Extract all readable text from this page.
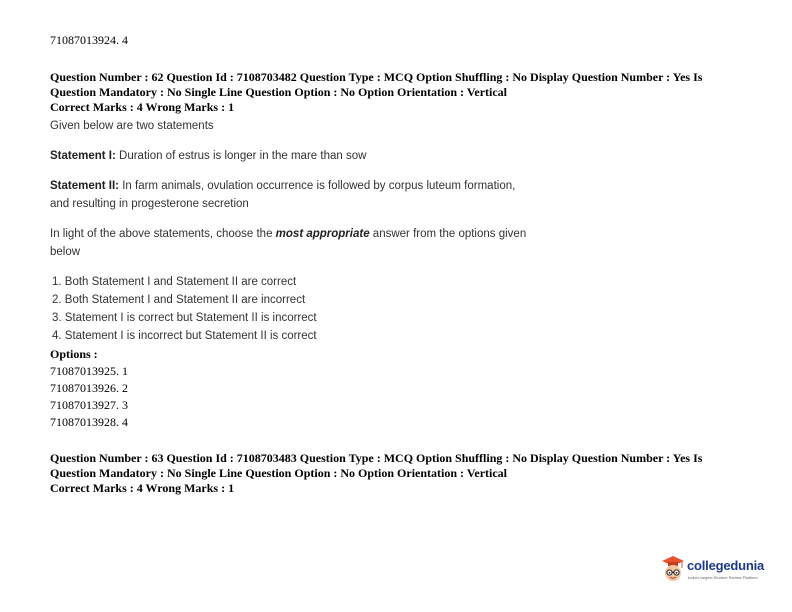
71087013924. 4
Question Number : 62 Question Id : 7108703482 Question Type : MCQ Option Shuffling : No Display Question Number : Yes Is
Question Mandatory : No Single Line Question Option : No Option Orientation : Vertical
Correct Marks : 4 Wrong Marks : 1
Given below are two statements
Statement I: Duration of estrus is longer in the mare than sow
Statement II: In farm animals, ovulation occurrence is followed by corpus luteum formation,
and resulting in progesterone secretion
In light of the above statements, choose the most appropriate answer from the options given
below
1. Both Statement I and Statement II are correct
2. Both Statement I and Statement II are incorrect
3. Statement I is correct but Statement II is incorrect
4. Statement I is incorrect but Statement II is correct
Options :
71087013925. 1
71087013926. 2
71087013927. 3
71087013928. 4
Question Number : 63 Question Id : 7108703483 Question Type : MCQ Option Shuffling : No Display Question Number : Yes Is
Question Mandatory : No Single Line Question Option : No Option Orientation : Vertical
Correct Marks : 4 Wrong Marks : 1
collegedunia
India's largest Student Review Platform
